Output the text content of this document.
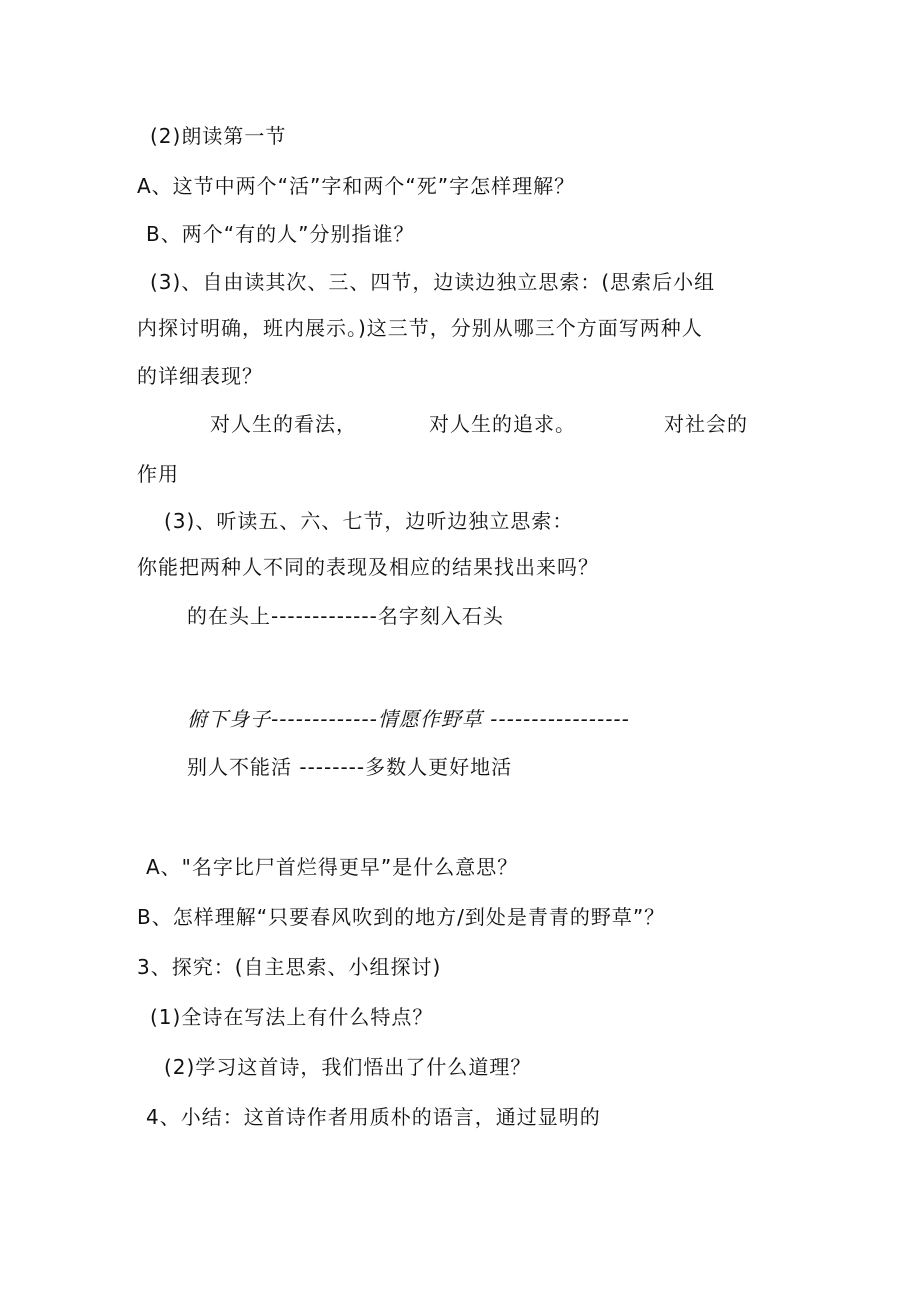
(2)朗读第一节
A、这节中两个“活”字和两个“死”字怎样理解？
B、两个“有的人”分别指谁？
(3)、自由读其次、三、四节，边读边独立思索：(思索后小组
内探讨明确，班内展示。)这三节，分别从哪三个方面写两种人
的详细表现？
对人生的看法，	对人生的追求。	对社会的
作用
(3)、听读五、六、七节，边听边独立思索：
你能把两种人不同的表现及相应的结果找出来吗？
的在头上-------------名字刻入石头
俯下身子-------------情愿作野草 -----------------
别人不能活 --------多数人更好地活
A、"名字比尸首烂得更早”是什么意思？
B、怎样理解“只要春风吹到的地方/到处是青青的野草”？
3、探究：(自主思索、小组探讨)
(1)全诗在写法上有什么特点？
(2)学习这首诗，我们悟出了什么道理？
4、小结：这首诗作者用质朴的语言，通过显明的
